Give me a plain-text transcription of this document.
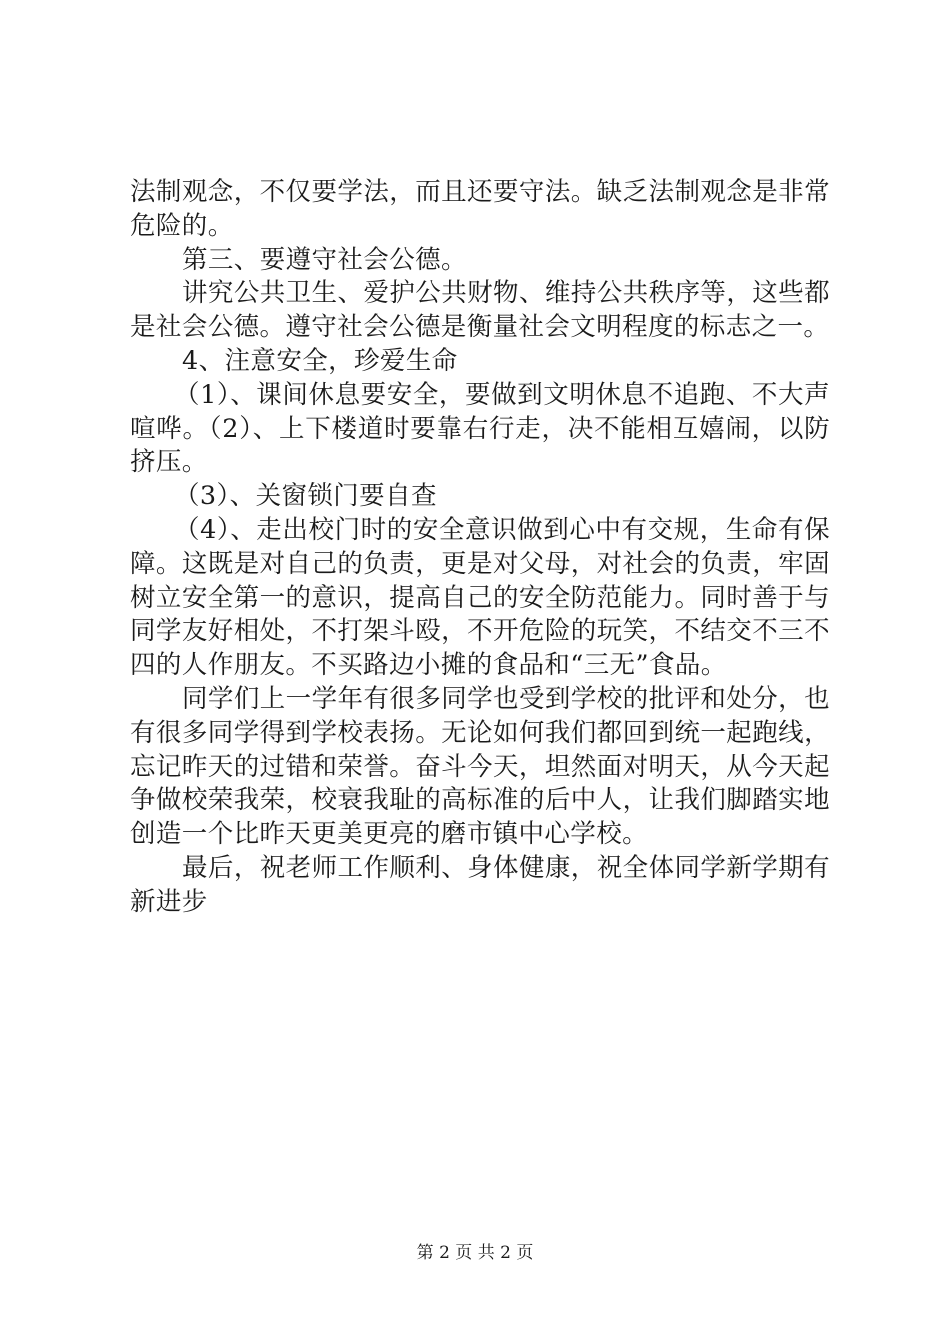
法制观念，不仅要学法，而且还要守法。缺乏法制观念是非常危险的。

第三、要遵守社会公德。

讲究公共卫生、爱护公共财物、维持公共秩序等，这些都是社会公德。遵守社会公德是衡量社会文明程度的标志之一。

4、注意安全，珍爱生命

（1）、课间休息要安全，要做到文明休息不追跑、不大声喧哗。（2）、上下楼道时要靠右行走，决不能相互嬉闹，以防挤压。

（3）、关窗锁门要自查

（4）、走出校门时的安全意识做到心中有交规，生命有保障。这既是对自己的负责，更是对父母，对社会的负责，牢固树立安全第一的意识，提高自己的安全防范能力。同时善于与同学友好相处，不打架斗殴，不开危险的玩笑，不结交不三不四的人作朋友。不买路边小摊的食品和“三无”食品。

同学们上一学年有很多同学也受到学校的批评和处分，也有很多同学得到学校表扬。无论如何我们都回到统一起跑线，忘记昨天的过错和荣誉。奋斗今天，坦然面对明天，从今天起争做校荣我荣，校衰我耻的高标准的后中人，让我们脚踏实地创造一个比昨天更美更亮的磨市镇中心学校。

最后，祝老师工作顺利、身体健康，祝全体同学新学期有新进步

第 2 页 共 2 页
